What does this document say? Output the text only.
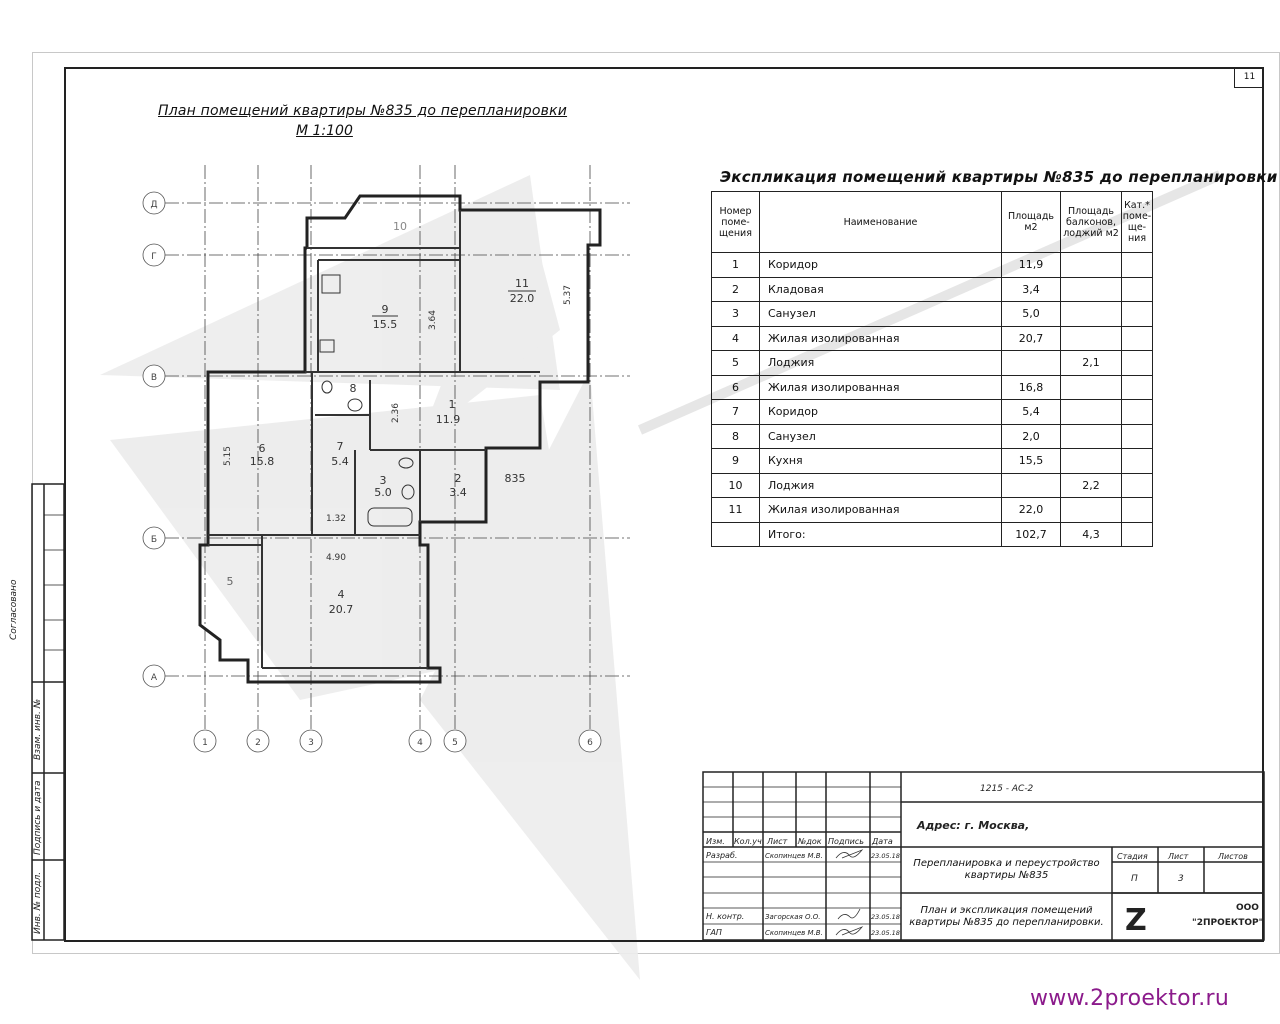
11
План помещений квартиры №835 до перепланировки
М 1:100
Д
Г
В
Б
А
1	2	3	4	5	6
10
11
22.0
9
15.5
8
1
11.9
6
15.8
7
5.4
3
5.0
2
3.4
5
4
20.7
835
5.37
3.64
2.36
5.15
1.32
4.90
Экспликация помещений квартиры №835 до перепланировки
Номер поме- щения	Наименование	Площадь м2	Площадь балконов, лоджий м2	Кат.* поме- ще- ния
1	Коридор	11,9		
2	Кладовая	3,4		
3	Санузел	5,0		
4	Жилая изолированная	20,7		
5	Лоджия		2,1	
6	Жилая изолированная	16,8		
7	Коридор	5,4		
8	Санузел	2,0		
9	Кухня	15,5		
10	Лоджия		2,2	
11	Жилая изолированная	22,0		
	Итого:	102,7	4,3	
Согласовано
Взам. инв. №
Подпись и дата
Инв. № подл.
1215 - АС-2
Адрес: г. Москва,
Изм. Кол.уч Лист №док Подпись Дата
Разраб.	Скопинцев М.В.	23.05.18
Н. контр.	Загорская О.О.	23.05.18
ГАП	Скопинцев М.В.	23.05.18
Стадия	Лист	Листов
П	3
ООО
"2ПРОЕКТОР"
Z
Перепланировка и переустройство квартиры №835
План и экспликация помещений квартиры №835 до перепланировки.
www.2proektor.ru
